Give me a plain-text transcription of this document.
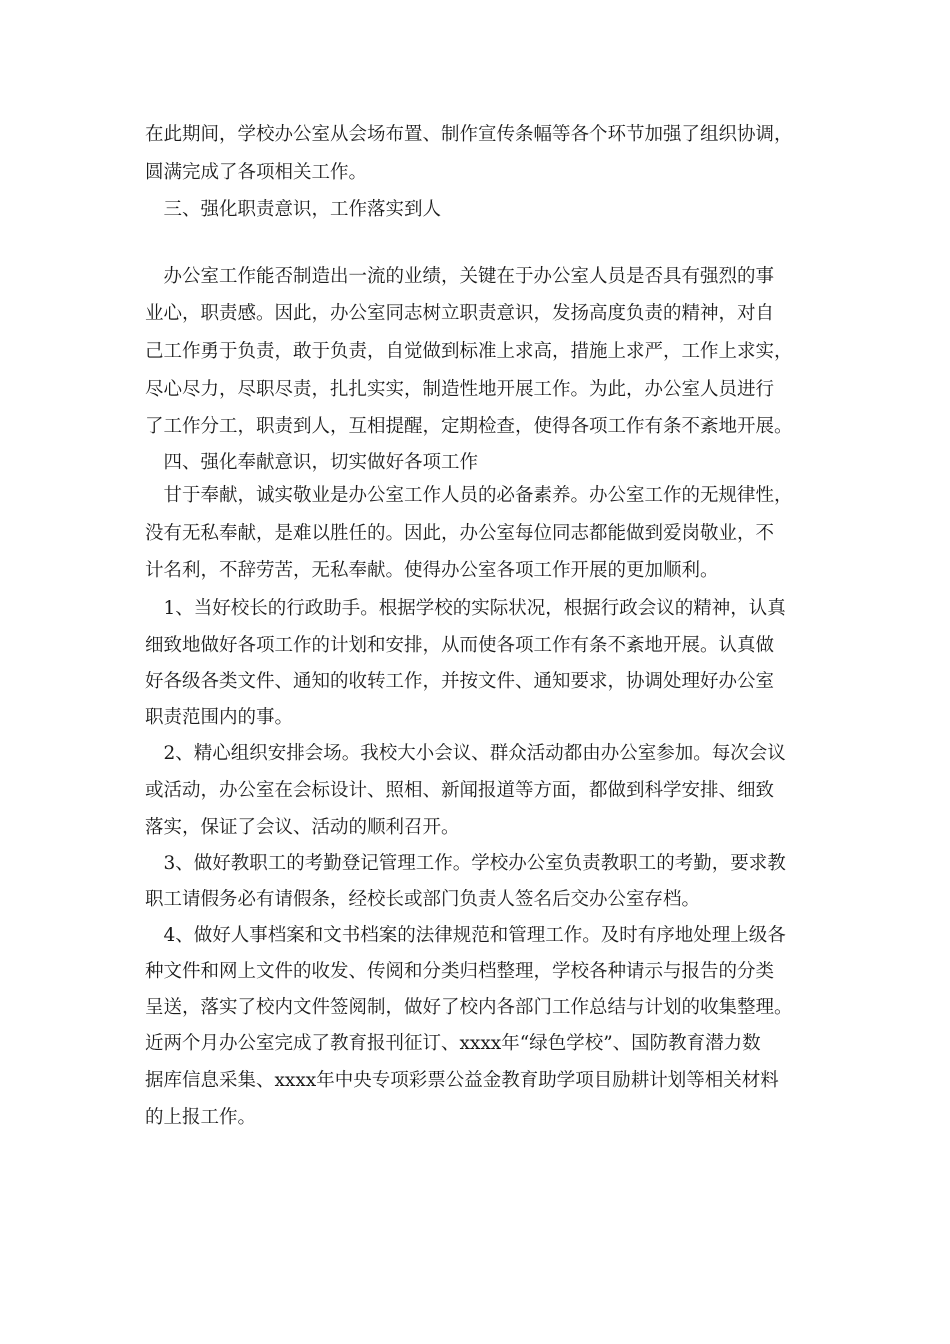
在此期间，学校办公室从会场布置、制作宣传条幅等各个环节加强了组织协调，
圆满完成了各项相关工作。
　三、强化职责意识，工作落实到人
　办公室工作能否制造出一流的业绩，关键在于办公室人员是否具有强烈的事
业心，职责感。因此，办公室同志树立职责意识，发扬高度负责的精神，对自
己工作勇于负责，敢于负责，自觉做到标准上求高，措施上求严，工作上求实，
尽心尽力，尽职尽责，扎扎实实，制造性地开展工作。为此，办公室人员进行
了工作分工，职责到人，互相提醒，定期检查，使得各项工作有条不紊地开展。
　四、强化奉献意识，切实做好各项工作
　甘于奉献，诚实敬业是办公室工作人员的必备素养。办公室工作的无规律性，
没有无私奉献，是难以胜任的。因此，办公室每位同志都能做到爱岗敬业，不
计名利，不辞劳苦，无私奉献。使得办公室各项工作开展的更加顺利。
　1、当好校长的行政助手。根据学校的实际状况，根据行政会议的精神，认真
细致地做好各项工作的计划和安排，从而使各项工作有条不紊地开展。认真做
好各级各类文件、通知的收转工作，并按文件、通知要求，协调处理好办公室
职责范围内的事。
　2、精心组织安排会场。我校大小会议、群众活动都由办公室参加。每次会议
或活动，办公室在会标设计、照相、新闻报道等方面，都做到科学安排、细致
落实，保证了会议、活动的顺利召开。
　3、做好教职工的考勤登记管理工作。学校办公室负责教职工的考勤，要求教
职工请假务必有请假条，经校长或部门负责人签名后交办公室存档。
　4、做好人事档案和文书档案的法律规范和管理工作。及时有序地处理上级各
种文件和网上文件的收发、传阅和分类归档整理，学校各种请示与报告的分类
呈送，落实了校内文件签阅制，做好了校内各部门工作总结与计划的收集整理。
近两个月办公室完成了教育报刊征订、xxxx年“绿色学校”、国防教育潜力数
据库信息采集、xxxx年中央专项彩票公益金教育助学项目励耕计划等相关材料
的上报工作。
